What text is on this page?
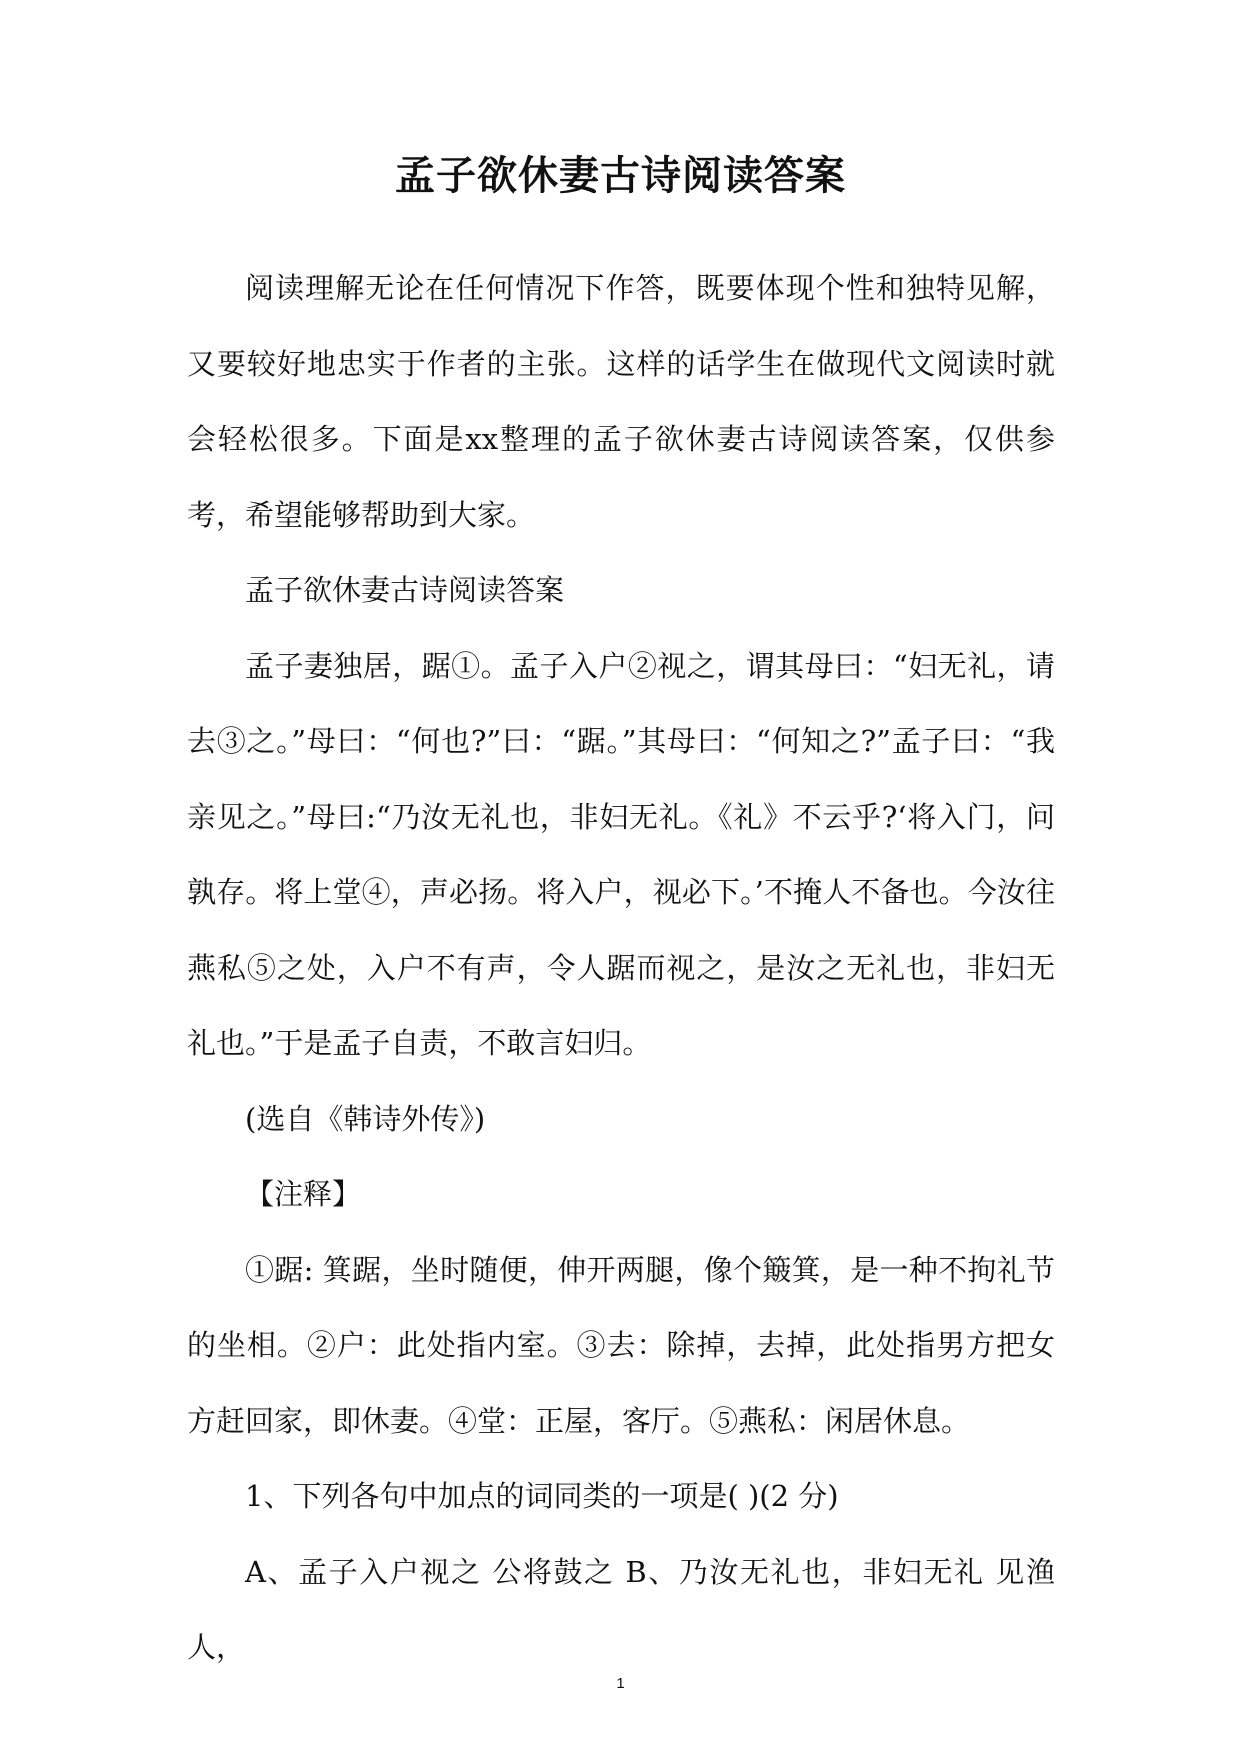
孟子欲休妻古诗阅读答案

阅读理解无论在任何情况下作答，既要体现个性和独特见解，又要较好地忠实于作者的主张。这样的话学生在做现代文阅读时就会轻松很多。下面是xx整理的孟子欲休妻古诗阅读答案，仅供参考，希望能够帮助到大家。

孟子欲休妻古诗阅读答案

孟子妻独居，踞①。孟子入户②视之，谓其母曰：“妇无礼，请去③之。”母曰：“何也?”曰：“踞。”其母曰：“何知之?”孟子曰：“我亲见之。”母曰:“乃汝无礼也，非妇无礼。《礼》不云乎?‘将入门，问孰存。将上堂④，声必扬。将入户，视必下。’不掩人不备也。今汝往燕私⑤之处，入户不有声，令人踞而视之，是汝之无礼也，非妇无礼也。”于是孟子自责，不敢言妇归。

(选自《韩诗外传》)

【注释】

①踞: 箕踞，坐时随便，伸开两腿，像个簸箕，是一种不拘礼节的坐相。②户：此处指内室。③去：除掉，去掉，此处指男方把女方赶回家，即休妻。④堂：正屋，客厅。⑤燕私：闲居休息。

1、下列各句中加点的词同类的一项是( )(2 分)

A、孟子入户视之 公将鼓之 B、乃汝无礼也，非妇无礼 见渔人，

1
